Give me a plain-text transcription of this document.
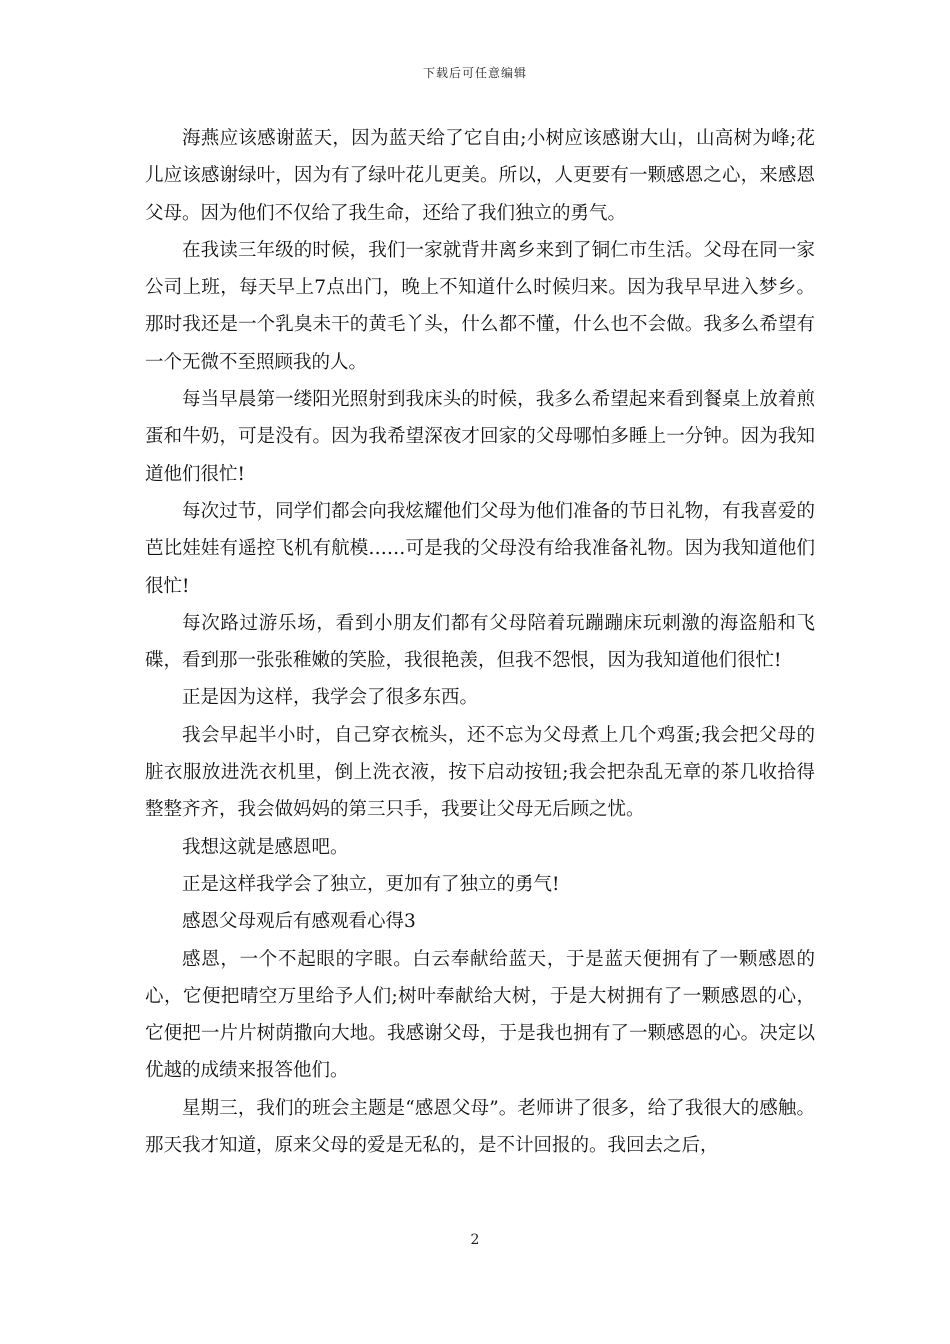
下载后可任意编辑

海燕应该感谢蓝天，因为蓝天给了它自由;小树应该感谢大山，山高树为峰;花儿应该感谢绿叶，因为有了绿叶花儿更美。所以，人更要有一颗感恩之心，来感恩父母。因为他们不仅给了我生命，还给了我们独立的勇气。

在我读三年级的时候，我们一家就背井离乡来到了铜仁市生活。父母在同一家公司上班，每天早上7点出门，晚上不知道什么时候归来。因为我早早进入梦乡。那时我还是一个乳臭未干的黄毛丫头，什么都不懂，什么也不会做。我多么希望有一个无微不至照顾我的人。

每当早晨第一缕阳光照射到我床头的时候，我多么希望起来看到餐桌上放着煎蛋和牛奶，可是没有。因为我希望深夜才回家的父母哪怕多睡上一分钟。因为我知道他们很忙!

每次过节，同学们都会向我炫耀他们父母为他们准备的节日礼物，有我喜爱的芭比娃娃有遥控飞机有航模……可是我的父母没有给我准备礼物。因为我知道他们很忙!

每次路过游乐场，看到小朋友们都有父母陪着玩蹦蹦床玩刺激的海盗船和飞碟，看到那一张张稚嫩的笑脸，我很艳羡，但我不怨恨，因为我知道他们很忙!

正是因为这样，我学会了很多东西。

我会早起半小时，自己穿衣梳头，还不忘为父母煮上几个鸡蛋;我会把父母的脏衣服放进洗衣机里，倒上洗衣液，按下启动按钮;我会把杂乱无章的茶几收拾得整整齐齐，我会做妈妈的第三只手，我要让父母无后顾之忧。

我想这就是感恩吧。

正是这样我学会了独立，更加有了独立的勇气!

感恩父母观后有感观看心得3

感恩，一个不起眼的字眼。白云奉献给蓝天，于是蓝天便拥有了一颗感恩的心，它便把晴空万里给予人们;树叶奉献给大树，于是大树拥有了一颗感恩的心，它便把一片片树荫撒向大地。我感谢父母，于是我也拥有了一颗感恩的心。决定以优越的成绩来报答他们。

星期三，我们的班会主题是“感恩父母”。老师讲了很多，给了我很大的感触。那天我才知道，原来父母的爱是无私的，是不计回报的。我回去之后，

2
